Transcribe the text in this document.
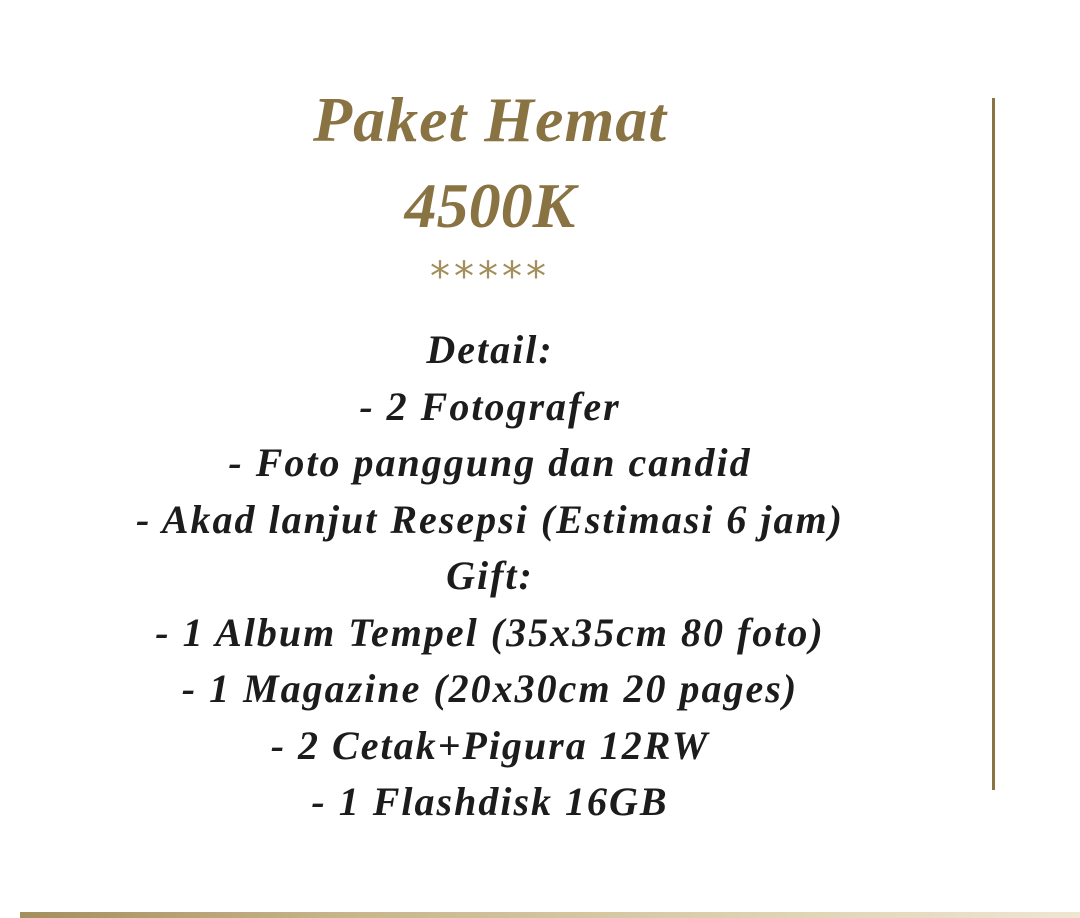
Paket Hemat
4500K
*****
Detail:
- 2 Fotografer
- Foto panggung dan candid
- Akad lanjut Resepsi (Estimasi 6 jam)
Gift:
- 1 Album Tempel (35x35cm 80 foto)
- 1 Magazine (20x30cm 20 pages)
- 2 Cetak+Pigura 12RW
- 1 Flashdisk 16GB
